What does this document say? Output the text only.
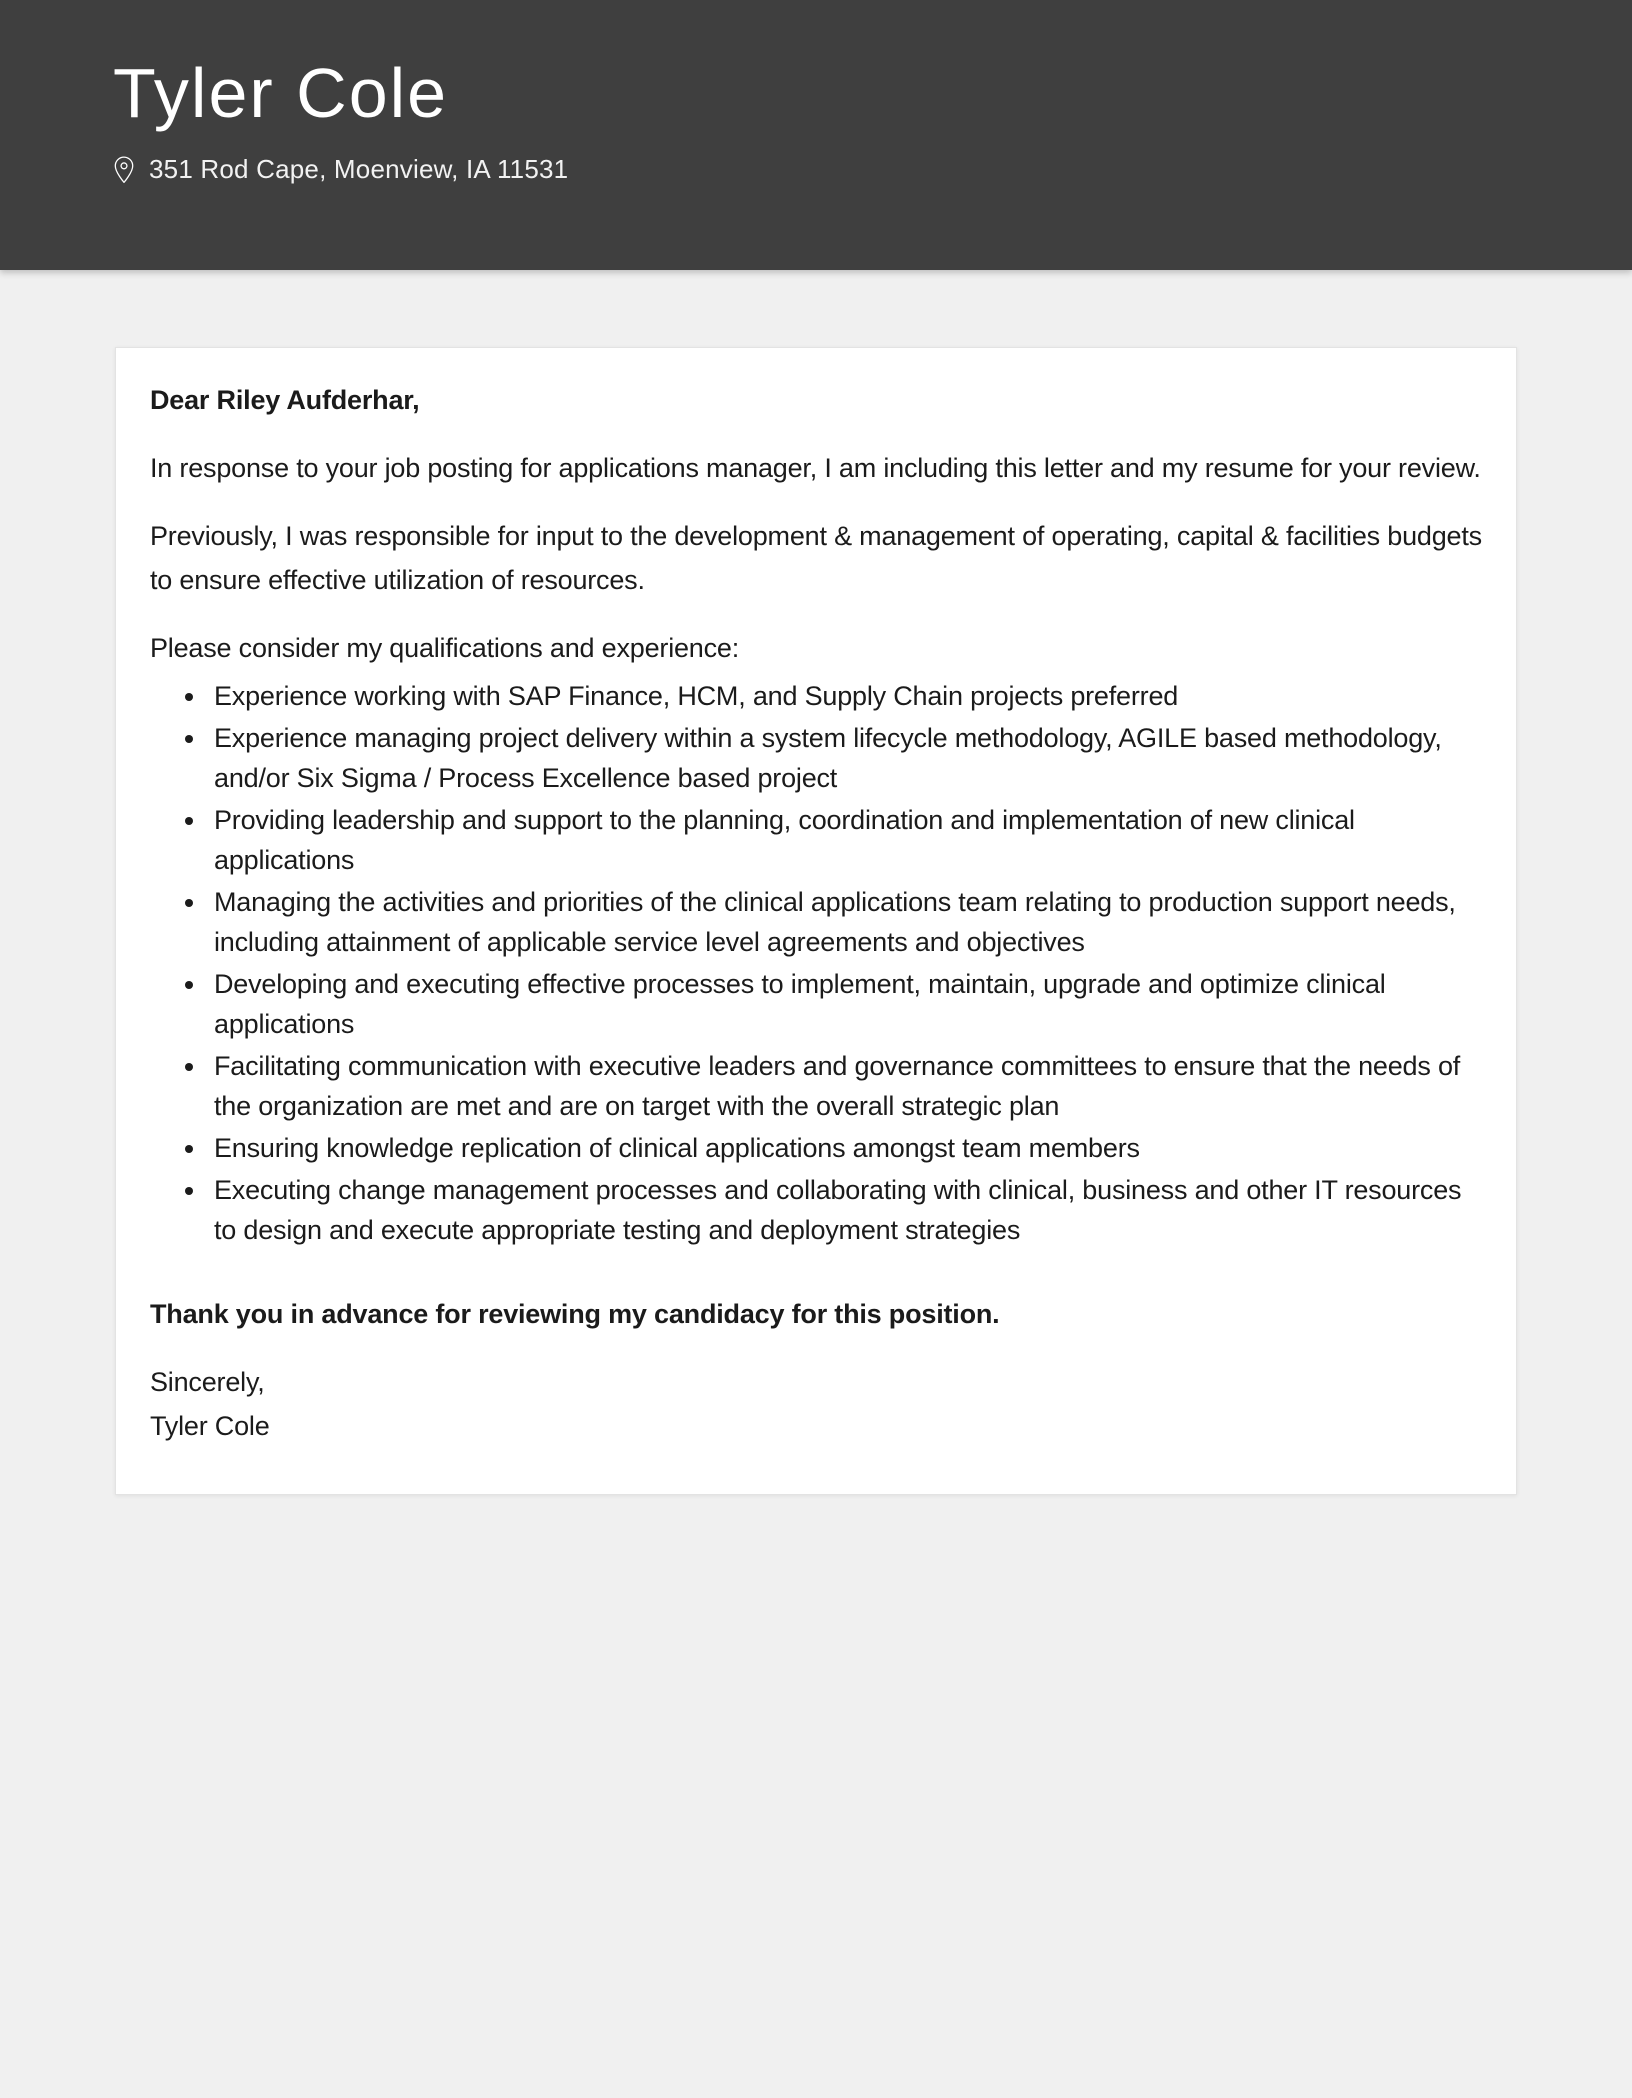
Tyler Cole
351 Rod Cape, Moenview, IA 11531

Dear Riley Aufderhar,

In response to your job posting for applications manager, I am including this letter and my resume for your review.

Previously, I was responsible for input to the development & management of operating, capital & facilities budgets to ensure effective utilization of resources.

Please consider my qualifications and experience:

• Experience working with SAP Finance, HCM, and Supply Chain projects preferred
• Experience managing project delivery within a system lifecycle methodology, AGILE based methodology, and/or Six Sigma / Process Excellence based project
• Providing leadership and support to the planning, coordination and implementation of new clinical applications
• Managing the activities and priorities of the clinical applications team relating to production support needs, including attainment of applicable service level agreements and objectives
• Developing and executing effective processes to implement, maintain, upgrade and optimize clinical applications
• Facilitating communication with executive leaders and governance committees to ensure that the needs of the organization are met and are on target with the overall strategic plan
• Ensuring knowledge replication of clinical applications amongst team members
• Executing change management processes and collaborating with clinical, business and other IT resources to design and execute appropriate testing and deployment strategies

Thank you in advance for reviewing my candidacy for this position.

Sincerely,
Tyler Cole
